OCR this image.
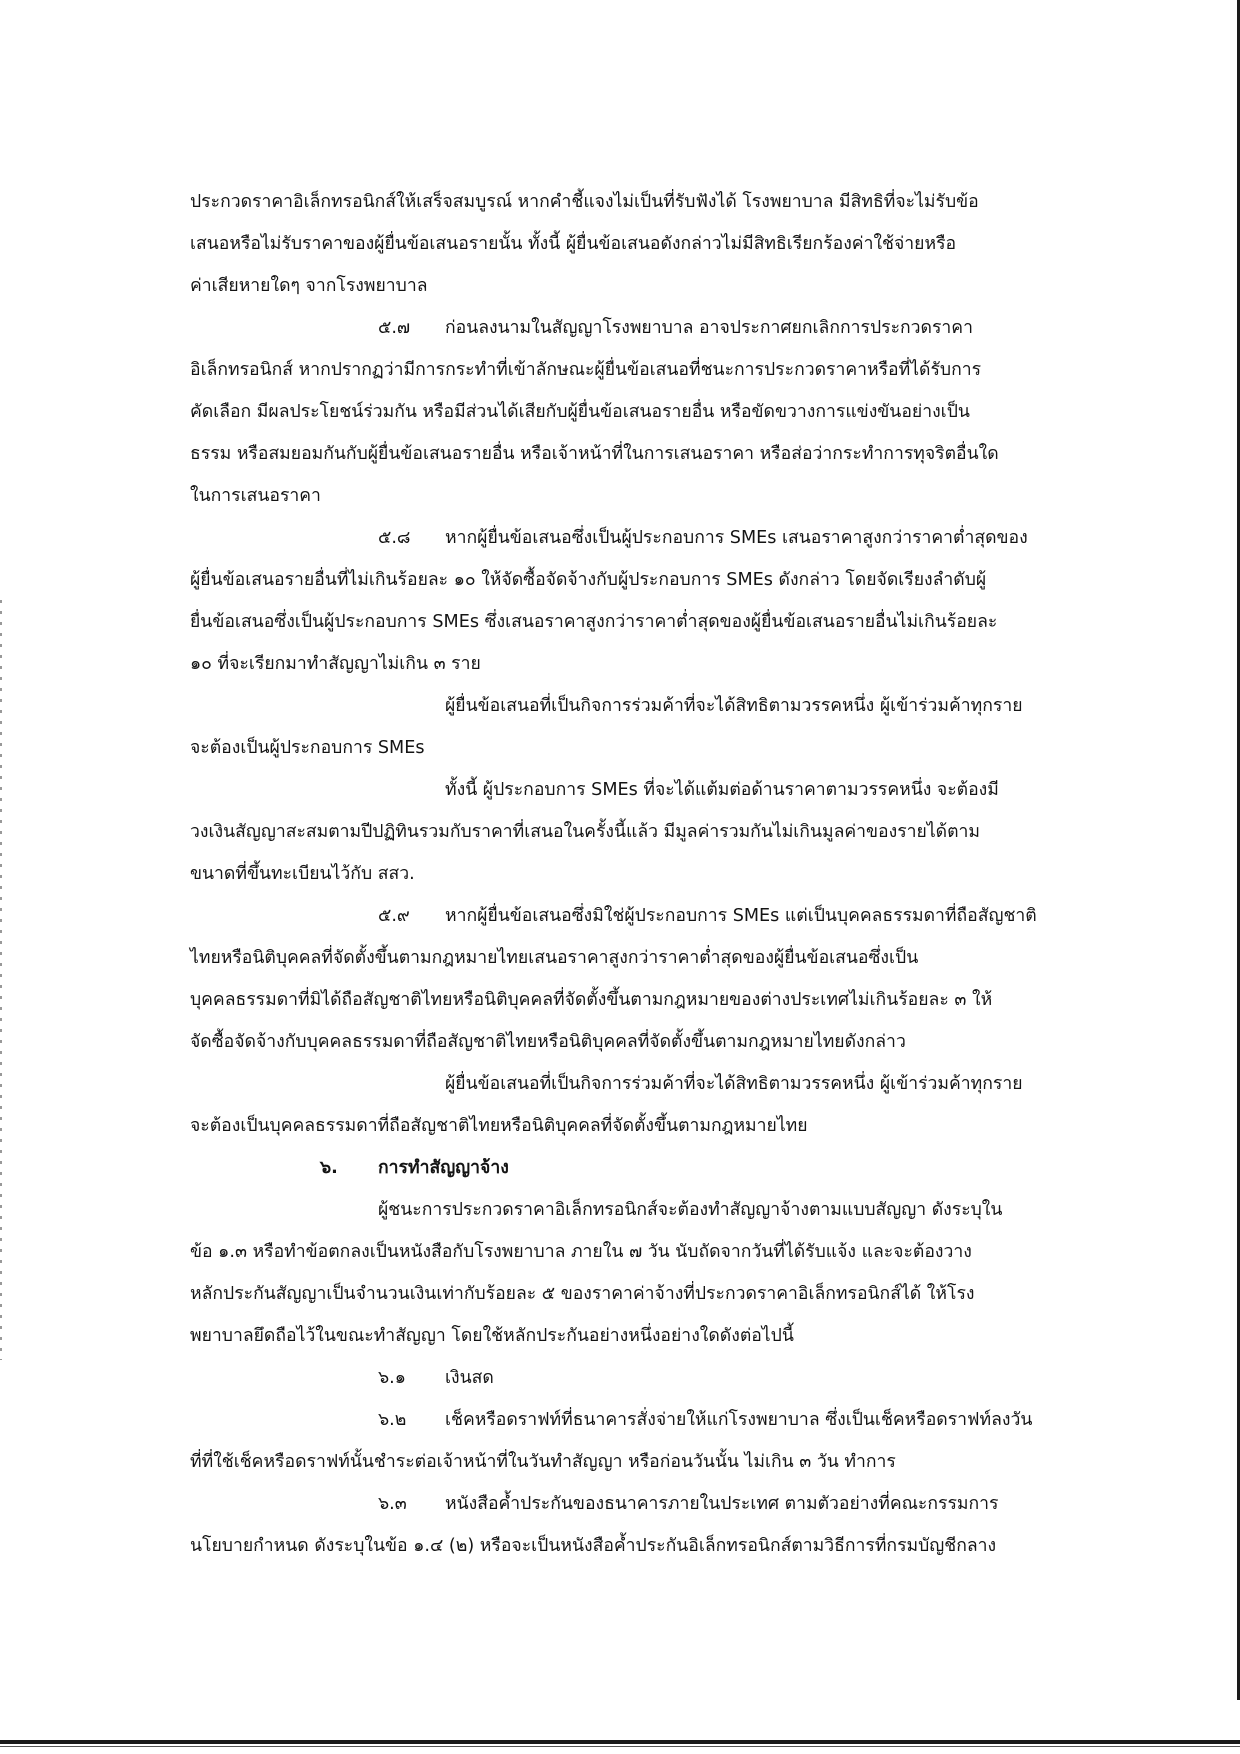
ประกวดราคาอิเล็กทรอนิกส์ให้เสร็จสมบูรณ์ หากคำชี้แจงไม่เป็นที่รับฟังได้ โรงพยาบาล มีสิทธิที่จะไม่รับข้อ
เสนอหรือไม่รับราคาของผู้ยื่นข้อเสนอรายนั้น ทั้งนี้ ผู้ยื่นข้อเสนอดังกล่าวไม่มีสิทธิเรียกร้องค่าใช้จ่ายหรือ
ค่าเสียหายใดๆ จากโรงพยาบาล
๕.๗ ก่อนลงนามในสัญญาโรงพยาบาล อาจประกาศยกเลิกการประกวดราคา
อิเล็กทรอนิกส์ หากปรากฏว่ามีการกระทำที่เข้าลักษณะผู้ยื่นข้อเสนอที่ชนะการประกวดราคาหรือที่ได้รับการ
คัดเลือก มีผลประโยชน์ร่วมกัน หรือมีส่วนได้เสียกับผู้ยื่นข้อเสนอรายอื่น หรือขัดขวางการแข่งขันอย่างเป็น
ธรรม หรือสมยอมกันกับผู้ยื่นข้อเสนอรายอื่น หรือเจ้าหน้าที่ในการเสนอราคา หรือส่อว่ากระทำการทุจริตอื่นใด
ในการเสนอราคา
๕.๘ หากผู้ยื่นข้อเสนอซึ่งเป็นผู้ประกอบการ SMEs เสนอราคาสูงกว่าราคาต่ำสุดของ
ผู้ยื่นข้อเสนอรายอื่นที่ไม่เกินร้อยละ ๑๐ ให้จัดซื้อจัดจ้างกับผู้ประกอบการ SMEs ดังกล่าว โดยจัดเรียงลำดับผู้
ยื่นข้อเสนอซึ่งเป็นผู้ประกอบการ SMEs ซึ่งเสนอราคาสูงกว่าราคาต่ำสุดของผู้ยื่นข้อเสนอรายอื่นไม่เกินร้อยละ
๑๐ ที่จะเรียกมาทำสัญญาไม่เกิน ๓ ราย
ผู้ยื่นข้อเสนอที่เป็นกิจการร่วมค้าที่จะได้สิทธิตามวรรคหนึ่ง ผู้เข้าร่วมค้าทุกราย
จะต้องเป็นผู้ประกอบการ SMEs
ทั้งนี้ ผู้ประกอบการ SMEs ที่จะได้แต้มต่อด้านราคาตามวรรคหนึ่ง จะต้องมี
วงเงินสัญญาสะสมตามปีปฏิทินรวมกับราคาที่เสนอในครั้งนี้แล้ว มีมูลค่ารวมกันไม่เกินมูลค่าของรายได้ตาม
ขนาดที่ขึ้นทะเบียนไว้กับ สสว.
๕.๙ หากผู้ยื่นข้อเสนอซึ่งมิใช่ผู้ประกอบการ SMEs แต่เป็นบุคคลธรรมดาที่ถือสัญชาติ
ไทยหรือนิติบุคคลที่จัดตั้งขึ้นตามกฎหมายไทยเสนอราคาสูงกว่าราคาต่ำสุดของผู้ยื่นข้อเสนอซึ่งเป็น
บุคคลธรรมดาที่มิได้ถือสัญชาติไทยหรือนิติบุคคลที่จัดตั้งขึ้นตามกฎหมายของต่างประเทศไม่เกินร้อยละ ๓ ให้
จัดซื้อจัดจ้างกับบุคคลธรรมดาที่ถือสัญชาติไทยหรือนิติบุคคลที่จัดตั้งขึ้นตามกฎหมายไทยดังกล่าว
ผู้ยื่นข้อเสนอที่เป็นกิจการร่วมค้าที่จะได้สิทธิตามวรรคหนึ่ง ผู้เข้าร่วมค้าทุกราย
จะต้องเป็นบุคคลธรรมดาที่ถือสัญชาติไทยหรือนิติบุคคลที่จัดตั้งขึ้นตามกฎหมายไทย
๖. การทำสัญญาจ้าง
ผู้ชนะการประกวดราคาอิเล็กทรอนิกส์จะต้องทำสัญญาจ้างตามแบบสัญญา ดังระบุใน
ข้อ ๑.๓ หรือทำข้อตกลงเป็นหนังสือกับโรงพยาบาล ภายใน ๗ วัน นับถัดจากวันที่ได้รับแจ้ง และจะต้องวาง
หลักประกันสัญญาเป็นจำนวนเงินเท่ากับร้อยละ ๕ ของราคาค่าจ้างที่ประกวดราคาอิเล็กทรอนิกส์ได้ ให้โรง
พยาบาลยึดถือไว้ในขณะทำสัญญา โดยใช้หลักประกันอย่างหนึ่งอย่างใดดังต่อไปนี้
๖.๑ เงินสด
๖.๒ เช็คหรือดราฟท์ที่ธนาคารสั่งจ่ายให้แก่โรงพยาบาล ซึ่งเป็นเช็คหรือดราฟท์ลงวัน
ที่ที่ใช้เช็คหรือดราฟท์นั้นชำระต่อเจ้าหน้าที่ในวันทำสัญญา หรือก่อนวันนั้น ไม่เกิน ๓ วัน ทำการ
๖.๓ หนังสือค้ำประกันของธนาคารภายในประเทศ ตามตัวอย่างที่คณะกรรมการ
นโยบายกำหนด ดังระบุในข้อ ๑.๔ (๒) หรือจะเป็นหนังสือค้ำประกันอิเล็กทรอนิกส์ตามวิธีการที่กรมบัญชีกลาง
